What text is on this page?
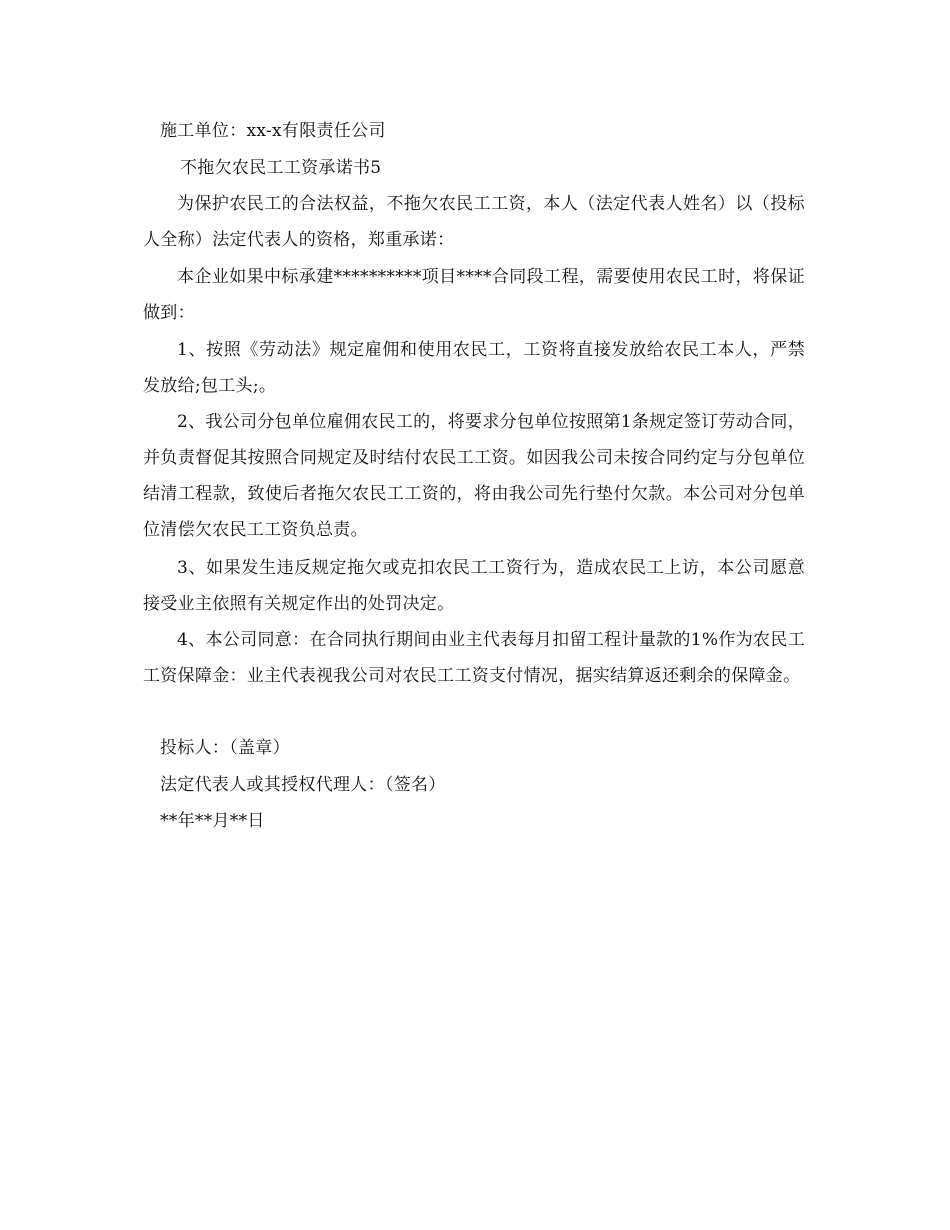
施工单位：xx-x有限责任公司
不拖欠农民工工资承诺书5
为保护农民工的合法权益，不拖欠农民工工资，本人（法定代表人姓名）以（投标人全称）法定代表人的资格，郑重承诺：
本企业如果中标承建**********项目****合同段工程，需要使用农民工时，将保证做到：
1、按照《劳动法》规定雇佣和使用农民工，工资将直接发放给农民工本人，严禁发放给;包工头;。
2、我公司分包单位雇佣农民工的，将要求分包单位按照第1条规定签订劳动合同，并负责督促其按照合同规定及时结付农民工工资。如因我公司未按合同约定与分包单位结清工程款，致使后者拖欠农民工工资的，将由我公司先行垫付欠款。本公司对分包单位清偿欠农民工工资负总责。
3、如果发生违反规定拖欠或克扣农民工工资行为，造成农民工上访，本公司愿意接受业主依照有关规定作出的处罚决定。
4、本公司同意：在合同执行期间由业主代表每月扣留工程计量款的1%作为农民工工资保障金：业主代表视我公司对农民工工资支付情况，据实结算返还剩余的保障金。
投标人：（盖章）
法定代表人或其授权代理人：（签名）
**年**月**日
